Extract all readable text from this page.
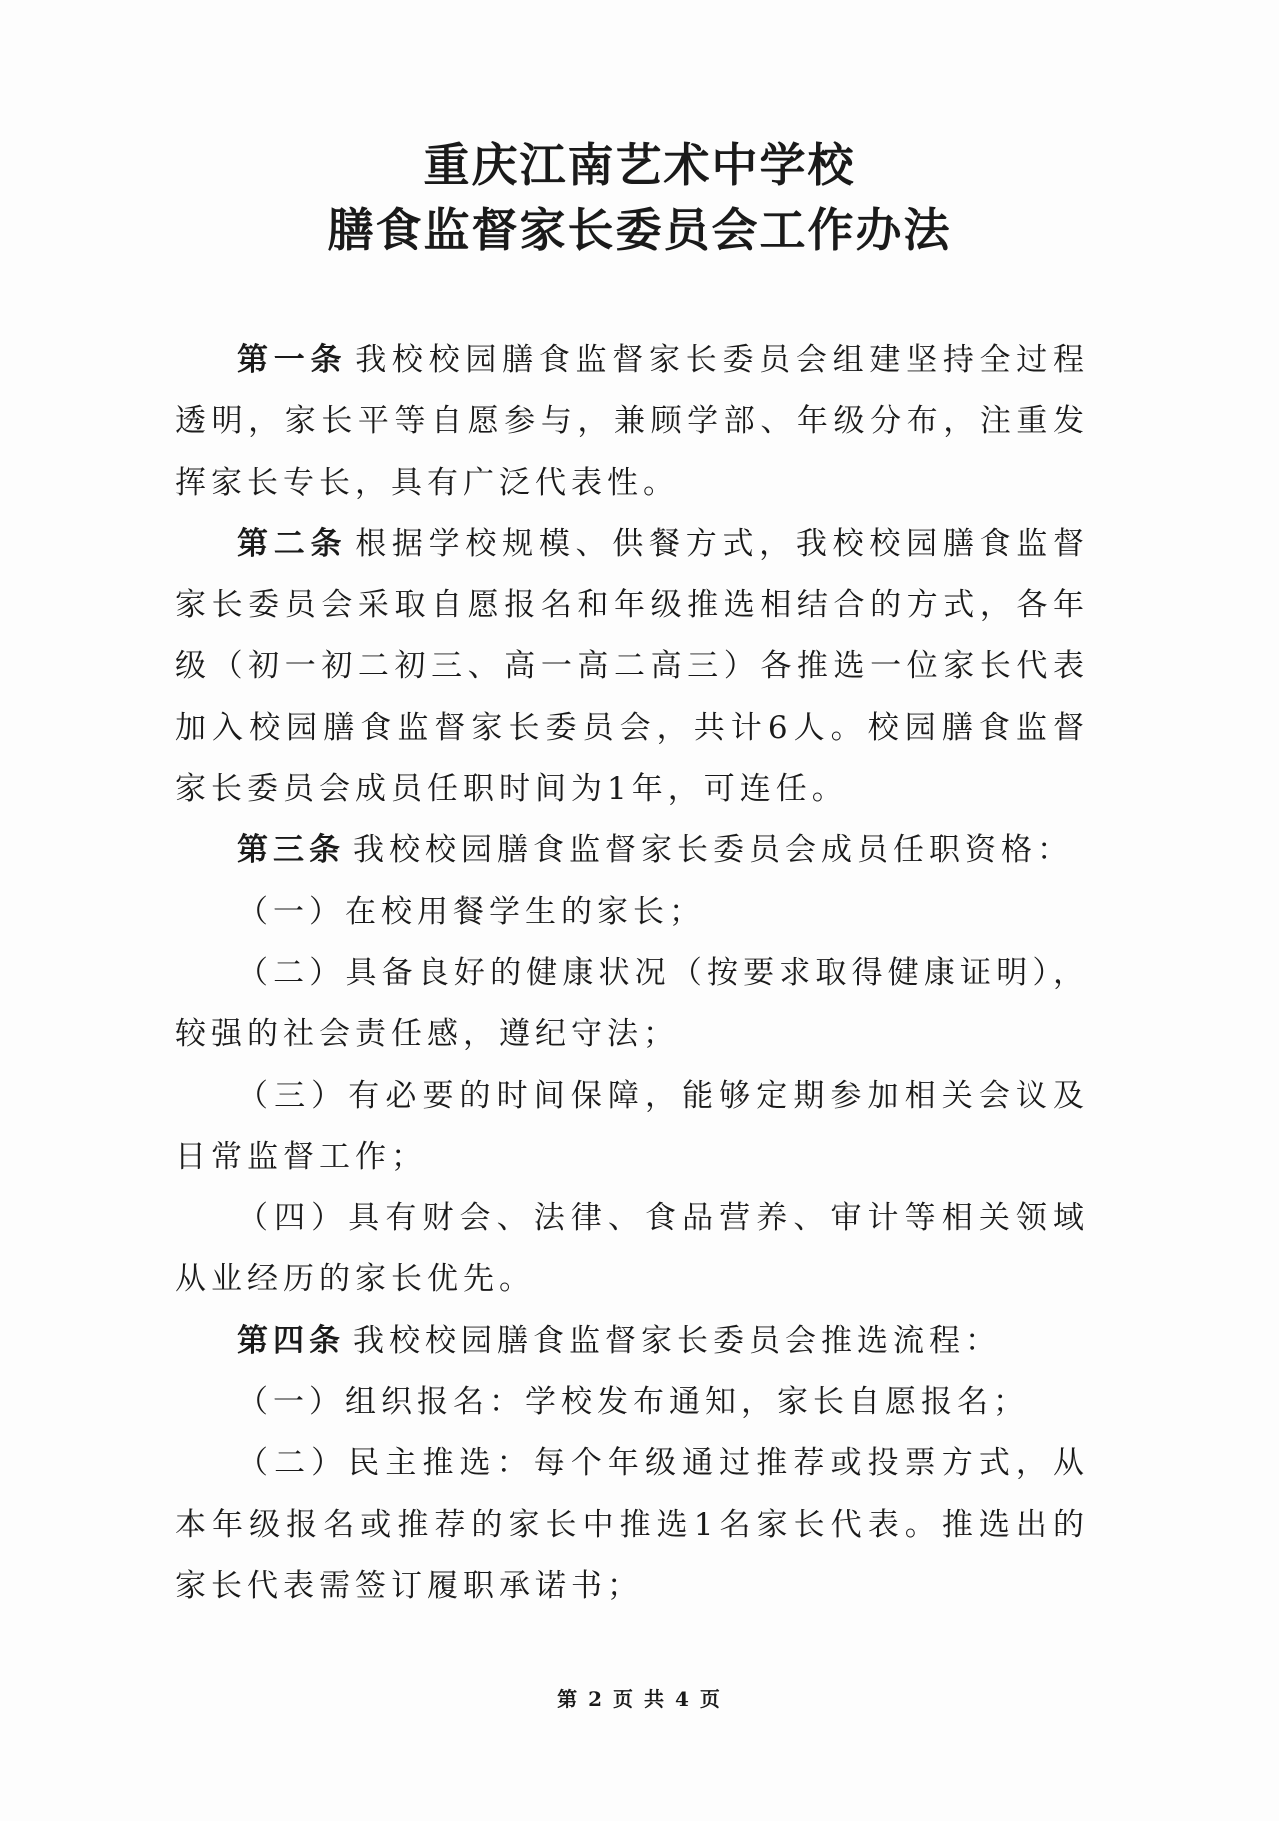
重庆江南艺术中学校
膳食监督家长委员会工作办法

第一条 我校校园膳食监督家长委员会组建坚持全过程透明，家长平等自愿参与，兼顾学部、年级分布，注重发挥家长专长，具有广泛代表性。

第二条 根据学校规模、供餐方式，我校校园膳食监督家长委员会采取自愿报名和年级推选相结合的方式，各年级（初一初二初三、高一高二高三）各推选一位家长代表加入校园膳食监督家长委员会，共计6人。校园膳食监督家长委员会成员任职时间为1年，可连任。

第三条 我校校园膳食监督家长委员会成员任职资格：

（一）在校用餐学生的家长；

（二）具备良好的健康状况（按要求取得健康证明），较强的社会责任感，遵纪守法；

（三）有必要的时间保障，能够定期参加相关会议及日常监督工作；

（四）具有财会、法律、食品营养、审计等相关领域从业经历的家长优先。

第四条 我校校园膳食监督家长委员会推选流程：

（一）组织报名：学校发布通知，家长自愿报名；

（二）民主推选：每个年级通过推荐或投票方式，从本年级报名或推荐的家长中推选1名家长代表。推选出的家长代表需签订履职承诺书；

第 2 页 共 4 页
